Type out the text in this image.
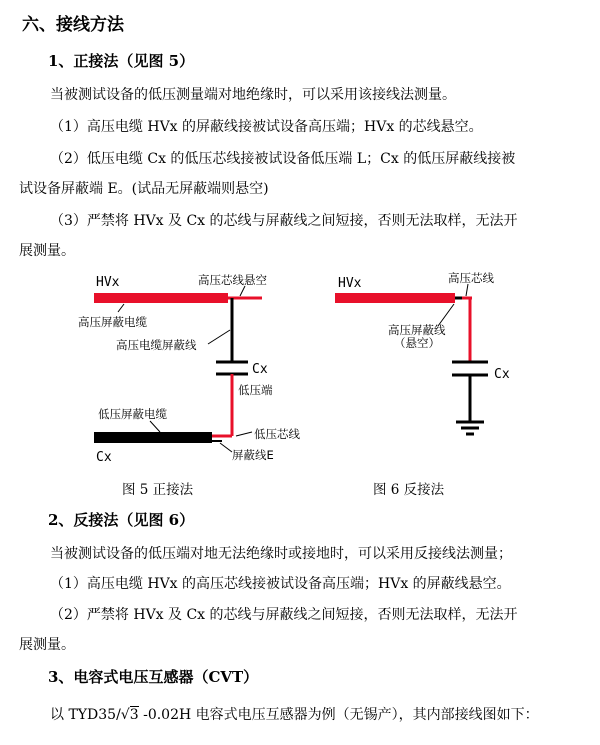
六、接线方法
1、正接法（见图 5）
当被测试设备的低压测量端对地绝缘时，可以采用该接线法测量。
（1）高压电缆 HVx 的屏蔽线接被试设备高压端；HVx 的芯线悬空。
（2）低压电缆 Cx 的低压芯线接被试设备低压端 L；Cx 的低压屏蔽线接被
试设备屏蔽端 E。(试品无屏蔽端则悬空)
（3）严禁将 HVx 及 Cx 的芯线与屏蔽线之间短接，否则无法取样，无法开
展测量。
HVx	高压芯线悬空
高压屏蔽电缆
高压电缆屏蔽线
Cx
低压端
低压屏蔽电缆
低压芯线
Cx	屏蔽线E
图 5 正接法
HVx	高压芯线
高压屏蔽线
（悬空）
Cx
图 6 反接法
2、反接法（见图 6）
当被测试设备的低压端对地无法绝缘时或接地时，可以采用反接线法测量；
（1）高压电缆 HVx 的高压芯线接被试设备高压端；HVx 的屏蔽线悬空。
（2）严禁将 HVx 及 Cx 的芯线与屏蔽线之间短接，否则无法取样，无法开
展测量。
3、电容式电压互感器（CVT）
以 TYD35/√3 -0.02H 电容式电压互感器为例（无锡产），其内部接线图如下：
